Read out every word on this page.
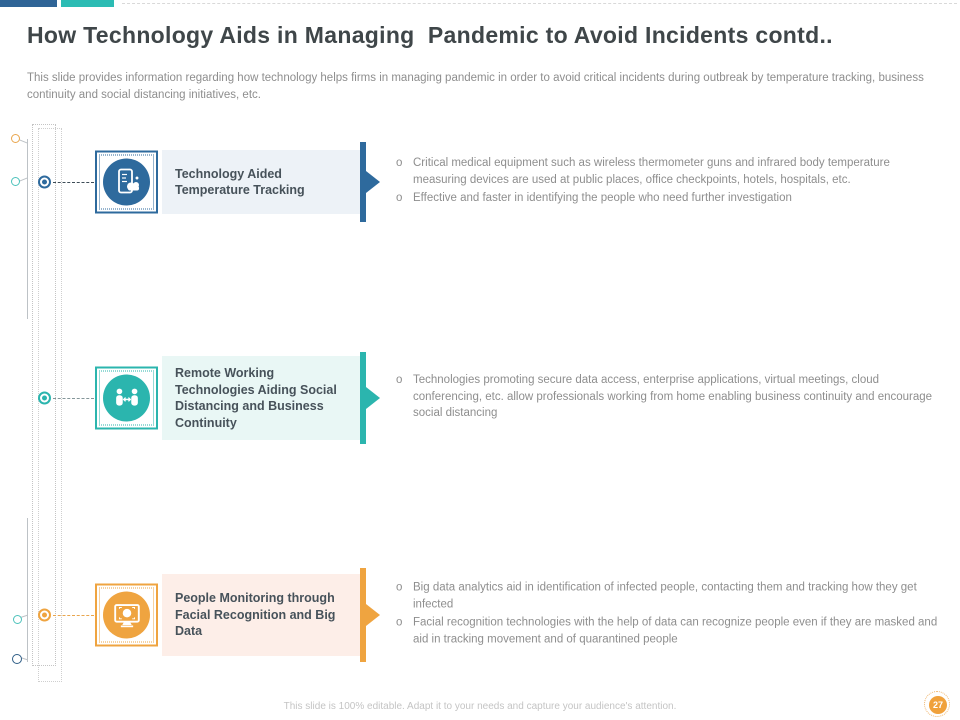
How Technology Aids in Managing  Pandemic to Avoid Incidents contd..
This slide provides information regarding how technology helps firms in managing pandemic in order to avoid critical incidents during outbreak by temperature tracking, business continuity and social distancing initiatives, etc.
Technology Aided Temperature Tracking
o Critical medical equipment such as wireless thermometer guns and infrared body temperature measuring devices are used at public places, office checkpoints, hotels, hospitals, etc.
o Effective and faster in identifying the people who need further investigation
Remote Working Technologies Aiding Social Distancing and Business Continuity
o Technologies promoting secure data access, enterprise applications, virtual meetings, cloud conferencing, etc. allow professionals working from home enabling business continuity and encourage social distancing
People Monitoring through Facial Recognition and Big Data
o Big data analytics aid in identification of infected people, contacting them and tracking how they get infected
o Facial recognition technologies with the help of data can recognize people even if they are masked and aid in tracking movement and of quarantined people
This slide is 100% editable. Adapt it to your needs and capture your audience's attention.	27
